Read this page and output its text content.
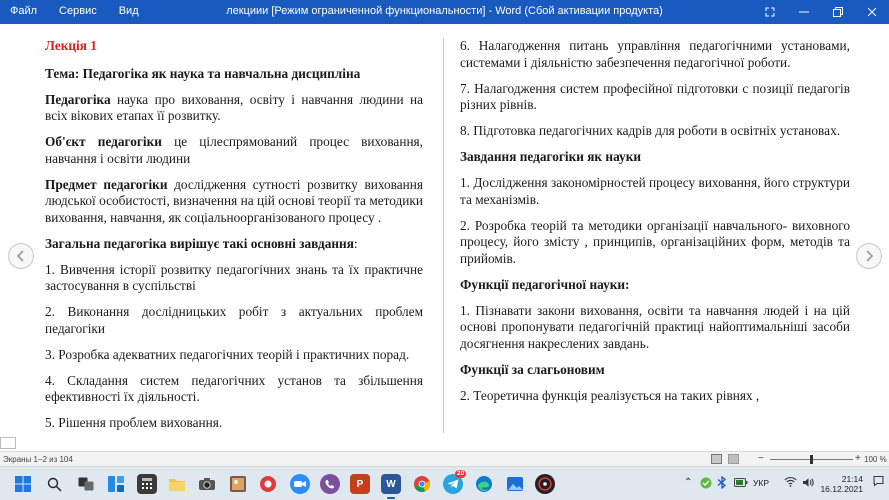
Файл Сервис Вид	лекциии [Режим ограниченной функциональности] - Word (Сбой активации продукта)

Лекція 1

Тема: Педагогіка як наука та навчальна дисципліна

Педагогіка наука про виховання, освіту і навчання людини на всіх вікових етапах її розвитку.

Об'єкт педагогіки це цілеспрямований процес виховання, навчання і освіти людини

Предмет педагогіки дослідження сутності розвитку виховання людської особистості, визначення на цій основі теорії та методики виховання, навчання, як соціальноорганізованого процесу .

Загальна педагогіка вирішує такі основні завдання:

1. Вивчення історії розвитку педагогічних знань та їх практичне застосування в суспільстві

2. Виконання дослідницьких робіт з актуальних проблем педагогіки

3. Розробка адекватних педагогічних теорій і практичних порад.

4. Складання систем педагогічних установ та збільшення ефективності їх діяльності.

5. Рішення проблем виховання.

6. Налагодження питань управління педагогічними установами, системами і діяльністю забезпечення педагогічної роботи.

7. Налагодження систем професійної підготовки с позиції педагогів різних рівнів.

8. Підготовка педагогічних кадрів для роботи в освітніх установах.

Завдання педагогіки як науки

1. Дослідження закономірностей процесу виховання, його структури та механізмів.

2. Розробка теорій та методики організації навчального- виховного процесу, його змісту , принципів, організаційних форм, методів та прийомів.

Функції педагогічної науки:

1. Пізнавати закони виховання, освіти та навчання людей і на цій основі пропонувати педагогічній практиці найоптимальніші засоби досягнення накреслених завдань.

Функції за слагьоновим

2. Теоретична функція реалізується на таких рівнях ,

Экраны 1–2 из 104	−	+ 100 %
P W
20
⌃	УКР	21:14
16.12.2021
